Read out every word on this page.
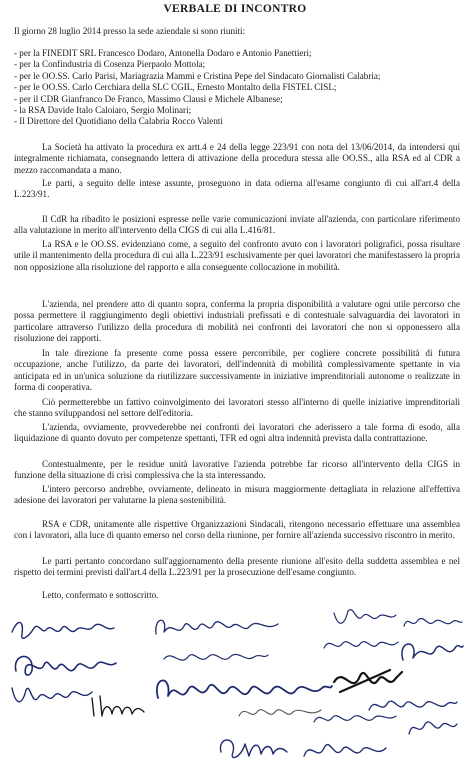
VERBALE DI INCONTRO

Il giorno 28 luglio 2014 presso la sede aziendale si sono riuniti:

- per la FINEDIT SRL Francesco Dodaro, Antonella Dodaro e Antonio Panettieri;
- per la Confindustria di Cosenza Pierpaolo Mottola;
- per le OO.SS. Carlo Parisi, Mariagrazia Mammì e Cristina Pepe del Sindacato Giornalisti Calabria;
- per le OO.SS. Carlo Cerchiara della SLC CGIL, Ernesto Montalto della FISTEL CISL;
- per il CDR Gianfranco De Franco, Massimo Clausi e Michele Albanese;
- la RSA Davide Italo Caloiaro, Sergio Molinari;
- Il Direttore del Quotidiano della Calabria Rocco Valenti

La Società ha attivato la procedura ex artt.4 e 24 della legge 223/91 con nota del 13/06/2014, da intendersi qui integralmente richiamata, consegnando lettera di attivazione della procedura stessa alle OO.SS., alla RSA ed al CDR a mezzo raccomandata a mano.

Le parti, a seguito delle intese assunte, proseguono in data odierna all'esame congiunto di cui all'art.4 della L.223/91.

Il CdR ha ribadito le posizioni espresse nelle varie comunicazioni inviate all'azienda, con particolare riferimento alla valutazione in merito all'intervento della CIGS di cui alla L.416/81.

La RSA e le OO.SS. evidenziano come, a seguito del confronto avuto con i lavoratori poligrafici, possa risultare utile il mantenimento della procedura di cui alla L.223/91 esclusivamente per quei lavoratori che manifestassero la propria non opposizione alla risoluzione del rapporto e alla conseguente collocazione in mobilità.

L'azienda, nel prendere atto di quanto sopra, conferma la propria disponibilità a valutare ogni utile percorso che possa permettere il raggiungimento degli obiettivi industriali prefissati e di contestuale salvaguardia dei lavoratori in particolare attraverso l'utilizzo della procedura di mobilità nei confronti dei lavoratori che non si opponessero alla risoluzione dei rapporti.

In tale direzione fa presente come possa essere percorribile, per cogliere concrete possibilità di futura occupazione, anche l'utilizzo, da parte dei lavoratori, dell'indennità di mobilità complessivamente spettante in via anticipata ed in un'unica soluzione da riutilizzare successivamente in iniziative imprenditoriali autonome o realizzate in forma di cooperativa.

Ciò permetterebbe un fattivo coinvolgimento dei lavoratori stesso all'interno di quelle iniziative imprenditoriali che stanno sviluppandosi nel settore dell'editoria.

L'azienda, ovviamente, provvederebbe nei confronti dei lavoratori che aderissero a tale forma di esodo, alla liquidazione di quanto dovuto per competenze spettanti, TFR ed ogni altra indennità prevista dalla contrattazione.

Contestualmente, per le residue unità lavorative l'azienda potrebbe far ricorso all'intervento della CIGS in funzione della situazione di crisi complessiva che la sta interessando.

L'intero percorso andrebbe, ovviamente, delineato in misura maggiormente dettagliata in relazione all'effettiva adesione dei lavoratori per valutarne la piena sostenibilità.

RSA e CDR, unitamente alle rispettive Organizzazioni Sindacali, ritengono necessario effettuare una assemblea con i lavoratori, alla luce di quanto emerso nel corso della riunione, per fornire all'azienda successivo riscontro in merito.

Le parti pertanto concordano sull'aggiornamento della presente riunione all'esito della suddetta assemblea e nel rispetto dei termini previsti dall'art.4 della L.223/91 per la prosecuzione dell'esame congiunto.

Letto, confermato e sottoscritto.
